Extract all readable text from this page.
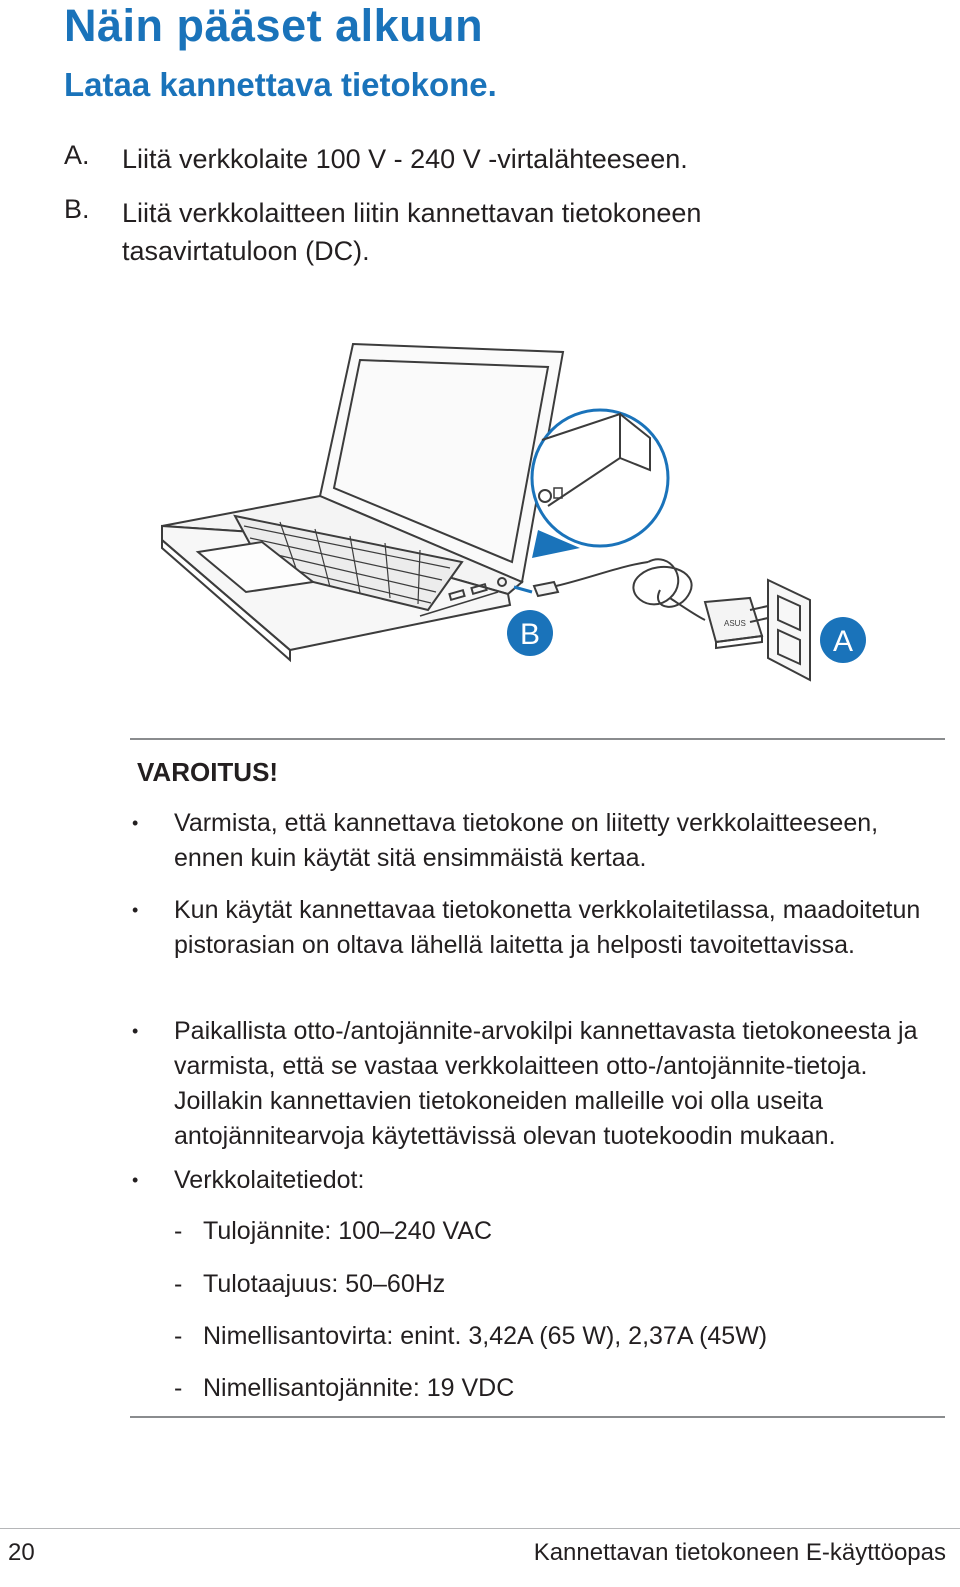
Näin pääset alkuun
Lataa kannettava tietokone.
A. Liitä verkkolaite 100 V - 240 V -virtalähteeseen.
B. Liitä verkkolaitteen liitin kannettavan tietokoneen tasavirtatuloon (DC).
ASUS
B	A
VAROITUS!
• Varmista, että kannettava tietokone on liitetty verkkolaitteeseen, ennen kuin käytät sitä ensimmäistä kertaa.
• Kun käytät kannettavaa tietokonetta verkkolaitetilassa, maadoitetun pistorasian on oltava lähellä laitetta ja helposti tavoitettavissa.
• Paikallista otto-/antojännite-arvokilpi kannettavasta tietokoneesta ja varmista, että se vastaa verkkolaitteen otto-/antojännite-tietoja. Joillakin kannettavien tietokoneiden malleille voi olla useita antojännitearvoja käytettävissä olevan tuotekoodin mukaan.
• Verkkolaitetiedot:
- Tulojännite: 100–240 VAC
- Tulotaajuus: 50–60Hz
- Nimellisantovirta: enint. 3,42A (65 W), 2,37A (45W)
- Nimellisantojännite: 19 VDC
20	Kannettavan tietokoneen E-käyttöopas
